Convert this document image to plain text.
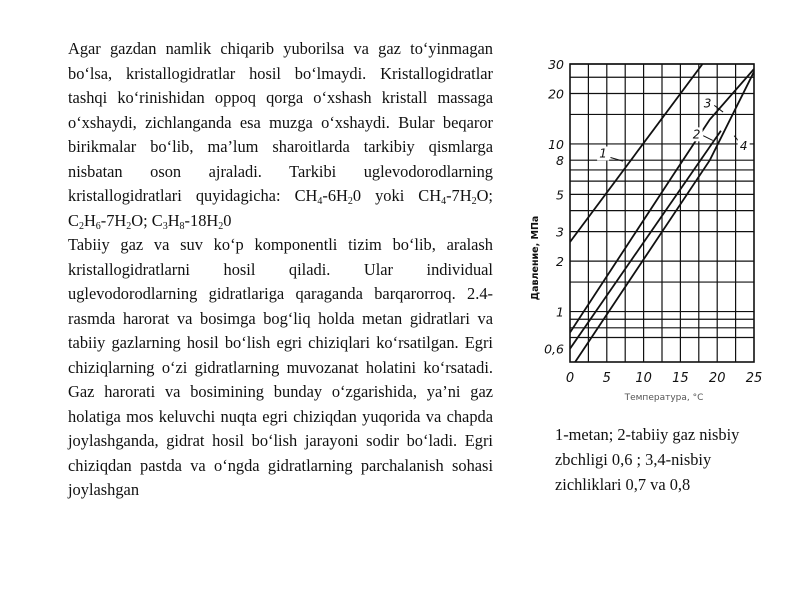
Agar gazdan namlik chiqarib yuborilsa va gaz to‘yinmagan bo‘lsa, kristallogidratlar hosil bo‘lmaydi. Kristallogidratlar tashqi ko‘rinishidan oppoq qorga o‘xshash kristall massaga o‘xshaydi, zichlanganda esa muzga o‘xshaydi. Bular beqaror birikmalar bo‘lib, ma’lum sharoitlarda tarkibiy qismlarga nisbatan oson ajraladi. Tarkibi uglevodorodlarning kristallogidratlari quyidagicha: $CH_4-6H_20$ yoki $CH_4-7H_2O$; $C_2H_6-7H_2O$; $C_3H_8-18H_20$

Tabiiy gaz va suv ko‘p komponentli tizim bo‘lib, aralash kristallogidratlarni hosil qiladi. Ular individual uglevodorodlarning gidratlariga qaraganda barqarorroq. 2.4-rasmda harorat va bosimga bog‘liq holda metan gidratlari va tabiiy gazlarning hosil bo‘lish egri chiziqlari ko‘rsatilgan. Egri chiziqlarning o‘zi gidratlarning muvozanat holatini ko‘rsatadi. Gaz harorati va bosimining bunday o‘zgarishida, ya’ni gaz holatiga mos keluvchi nuqta egri chiziqdan yuqorida va chapda joylashganda, gidrat hosil bo‘lish jarayoni sodir bo‘ladi. Egri chiziqdan pastda va o‘ngda gidratlarning parchalanish sohasi joylashgan

30
20
10
8
5
3
2
1
0,6
0 5 10 15 20 25
Давление, МПа
Температура, °С
1
2
3
4
1-metan; 2-tabiiy gaz nisbiy zbchligi 0,6 ; 3,4-nisbiy zichliklari 0,7 va 0,8
